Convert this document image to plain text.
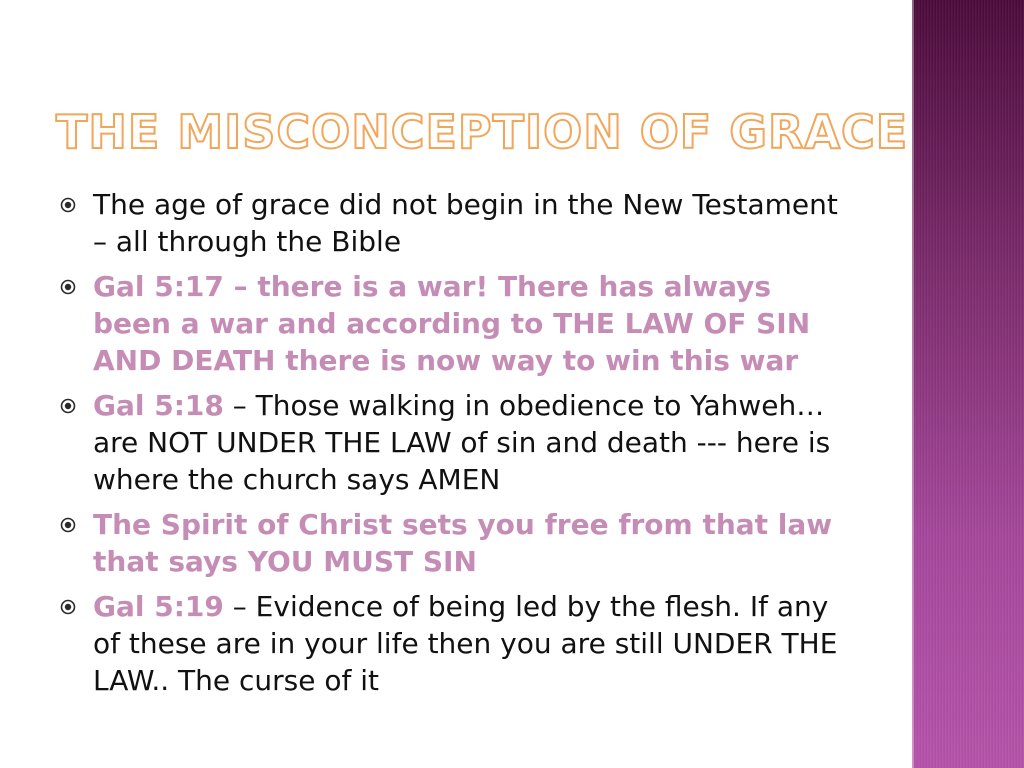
THE MISCONCEPTION OF GRACE
The age of grace did not begin in the New Testament – all through the Bible
Gal 5:17 – there is a war! There has always been a war and according to THE LAW OF SIN AND DEATH there is now way to win this war
Gal 5:18 – Those walking in obedience to Yahweh… are NOT UNDER THE LAW of sin and death --- here is where the church says AMEN
The Spirit of Christ sets you free from that law that says YOU MUST SIN
Gal 5:19 – Evidence of being led by the flesh. If any of these are in your life then you are still UNDER THE LAW.. The curse of it
